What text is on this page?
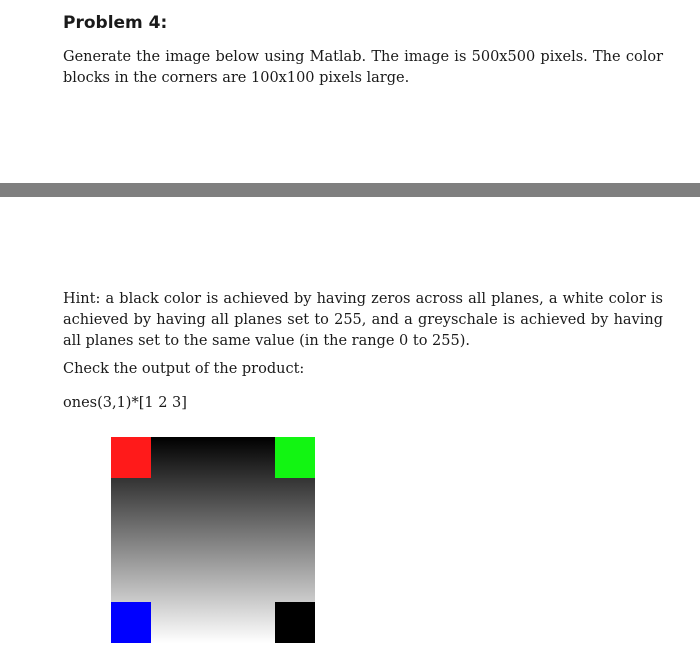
Problem 4:

Generate the image below using Matlab. The image is 500x500 pixels. The color blocks in the corners are 100x100 pixels large.

Hint: a black color is achieved by having zeros across all planes, a white color is achieved by having all planes set to 255, and a greyschale is achieved by having all planes set to the same value (in the range 0 to 255).

Check the output of the product:

ones(3,1)*[1 2 3]
